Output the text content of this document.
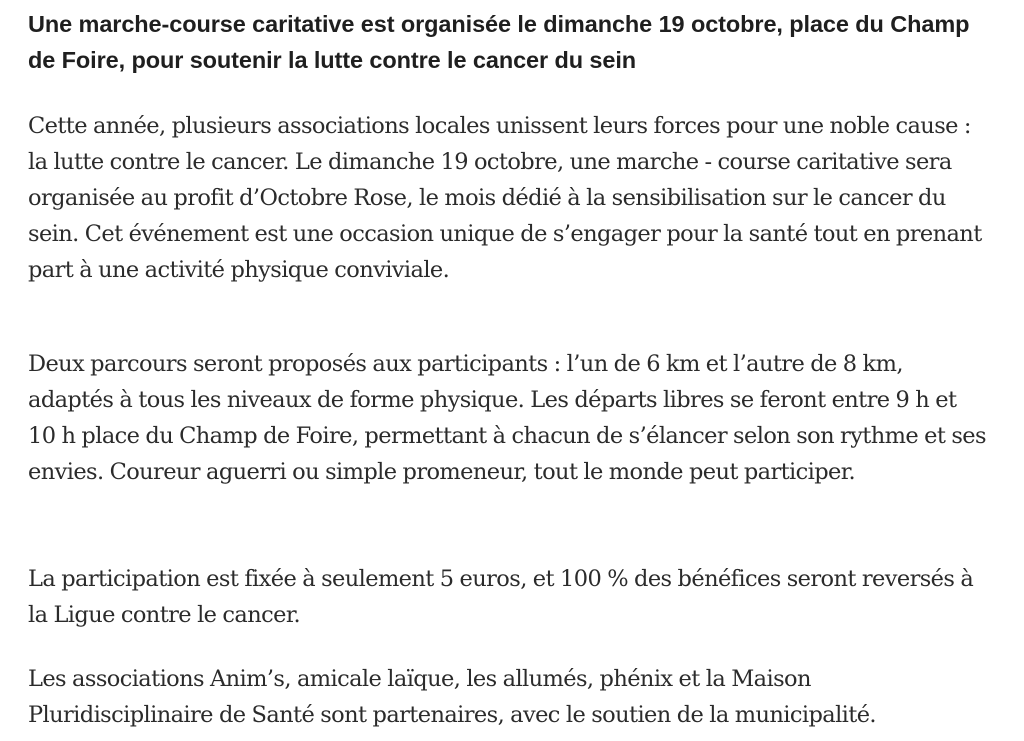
Une marche-course caritative est organisée le dimanche 19 octobre, place du Champ de Foire, pour soutenir la lutte contre le cancer du sein

Cette année, plusieurs associations locales unissent leurs forces pour une noble cause : la lutte contre le cancer. Le dimanche 19 octobre, une marche - course caritative sera organisée au profit d’Octobre Rose, le mois dédié à la sensibilisation sur le cancer du sein. Cet événement est une occasion unique de s’engager pour la santé tout en prenant part à une activité physique conviviale.

Deux parcours seront proposés aux participants : l’un de 6 km et l’autre de 8 km, adaptés à tous les niveaux de forme physique. Les départs libres se feront entre 9 h et 10 h place du Champ de Foire, permettant à chacun de s’élancer selon son rythme et ses envies. Coureur aguerri ou simple promeneur, tout le monde peut participer.

La participation est fixée à seulement 5 euros, et 100 % des bénéfices seront reversés à la Ligue contre le cancer.

Les associations Anim’s, amicale laïque, les allumés, phénix et la Maison Pluridisciplinaire de Santé sont partenaires, avec le soutien de la municipalité.
